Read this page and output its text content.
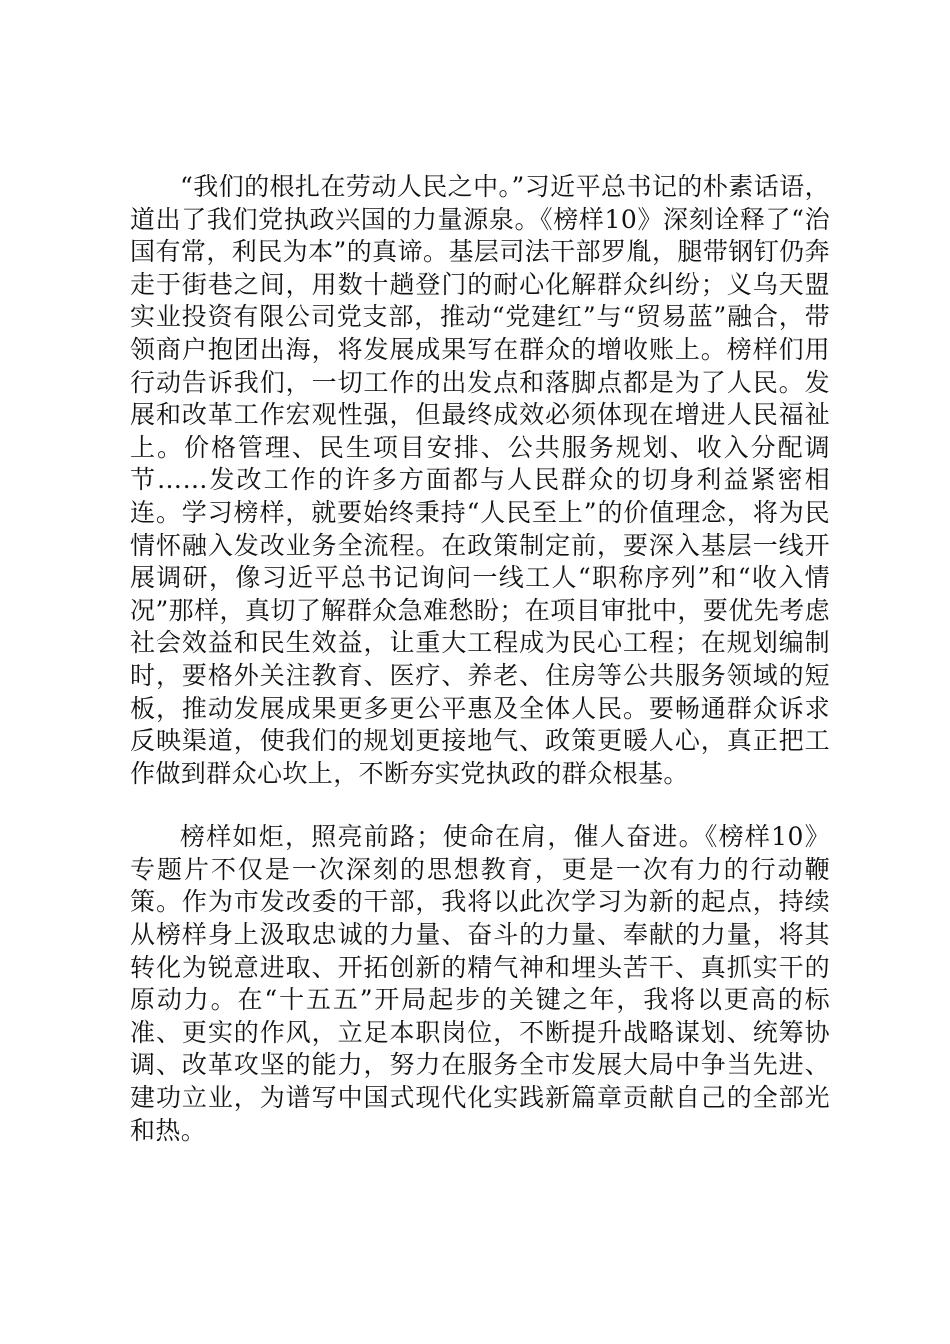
“我们的根扎在劳动人民之中。”习近平总书记的朴素话语，道出了我们党执政兴国的力量源泉。《榜样10》深刻诠释了“治国有常，利民为本”的真谛。基层司法干部罗胤，腿带钢钉仍奔走于街巷之间，用数十趟登门的耐心化解群众纠纷；义乌天盟实业投资有限公司党支部，推动“党建红”与“贸易蓝”融合，带领商户抱团出海，将发展成果写在群众的增收账上。榜样们用行动告诉我们，一切工作的出发点和落脚点都是为了人民。发展和改革工作宏观性强，但最终成效必须体现在增进人民福祉上。价格管理、民生项目安排、公共服务规划、收入分配调节……发改工作的许多方面都与人民群众的切身利益紧密相连。学习榜样，就要始终秉持“人民至上”的价值理念，将为民情怀融入发改业务全流程。在政策制定前，要深入基层一线开展调研，像习近平总书记询问一线工人“职称序列”和“收入情况”那样，真切了解群众急难愁盼；在项目审批中，要优先考虑社会效益和民生效益，让重大工程成为民心工程；在规划编制时，要格外关注教育、医疗、养老、住房等公共服务领域的短板，推动发展成果更多更公平惠及全体人民。要畅通群众诉求反映渠道，使我们的规划更接地气、政策更暖人心，真正把工作做到群众心坎上，不断夯实党执政的群众根基。

榜样如炬，照亮前路；使命在肩，催人奋进。《榜样10》专题片不仅是一次深刻的思想教育，更是一次有力的行动鞭策。作为市发改委的干部，我将以此次学习为新的起点，持续从榜样身上汲取忠诚的力量、奋斗的力量、奉献的力量，将其转化为锐意进取、开拓创新的精气神和埋头苦干、真抓实干的原动力。在“十五五”开局起步的关键之年，我将以更高的标准、更实的作风，立足本职岗位，不断提升战略谋划、统筹协调、改革攻坚的能力，努力在服务全市发展大局中争当先进、建功立业，为谱写中国式现代化实践新篇章贡献自己的全部光和热。
